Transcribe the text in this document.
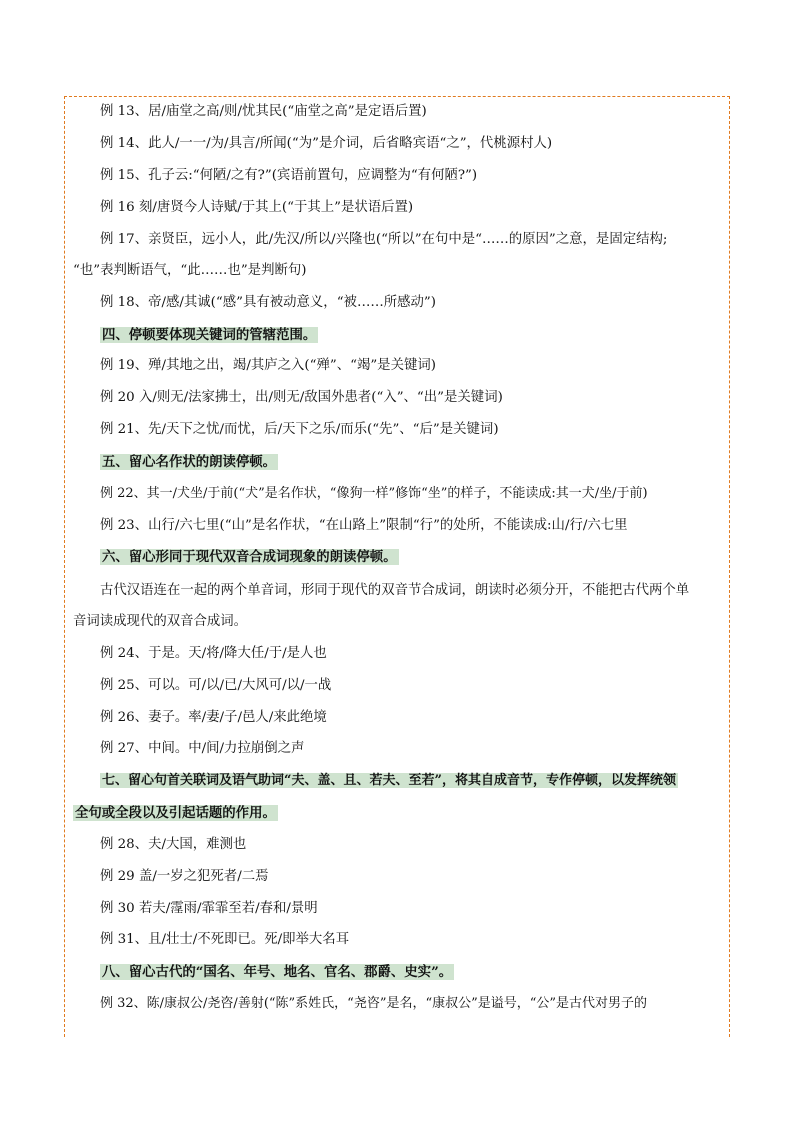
例 13、居/庙堂之高/则/忧其民(“庙堂之高”是定语后置)
例 14、此人/一一/为/具言/所闻(“为”是介词，后省略宾语“之”，代桃源村人)
例 15、孔子云:“何陋/之有?”(宾语前置句，应调整为“有何陋?”)
例 16 刻/唐贤今人诗赋/于其上(“于其上”是状语后置)
例 17、亲贤臣，远小人，此/先汉/所以/兴隆也(“所以”在句中是“……的原因”之意，是固定结构;
“也”表判断语气，“此……也”是判断句)
例 18、帝/感/其诚(“感”具有被动意义，“被……所感动”)
四、停顿要体现关键词的管辖范围。
例 19、殚/其地之出，竭/其庐之入(“殚”、“竭”是关键词)
例 20 入/则无/法家拂士，出/则无/敌国外患者(“入”、“出”是关键词)
例 21、先/天下之忧/而忧，后/天下之乐/而乐(“先”、“后”是关键词)
五、留心名作状的朗读停顿。
例 22、其一/犬坐/于前(“犬”是名作状，“像狗一样”修饰“坐”的样子，不能读成:其一犬/坐/于前)
例 23、山行/六七里(“山”是名作状，“在山路上”限制“行”的处所，不能读成:山/行/六七里
六、留心形同于现代双音合成词现象的朗读停顿。
古代汉语连在一起的两个单音词，形同于现代的双音节合成词，朗读时必须分开，不能把古代两个单
音词读成现代的双音合成词。
例 24、于是。天/将/降大任/于/是人也
例 25、可以。可/以/已/大风可/以/一战
例 26、妻子。率/妻/子/邑人/来此绝境
例 27、中间。中/间/力拉崩倒之声
七、留心句首关联词及语气助词“夫、盖、且、若夫、至若”，将其自成音节，专作停顿，以发挥统领
全句或全段以及引起话题的作用。
例 28、夫/大国，难测也
例 29 盖/一岁之犯死者/二焉
例 30 若夫/霪雨/霏霏至若/春和/景明
例 31、且/壮士/不死即已。死/即举大名耳
八、留心古代的“国名、年号、地名、官名、郡爵、史实”。
例 32、陈/康叔公/尧咨/善射(“陈”系姓氏，“尧咨”是名，“康叔公”是谥号，“公”是古代对男子的
